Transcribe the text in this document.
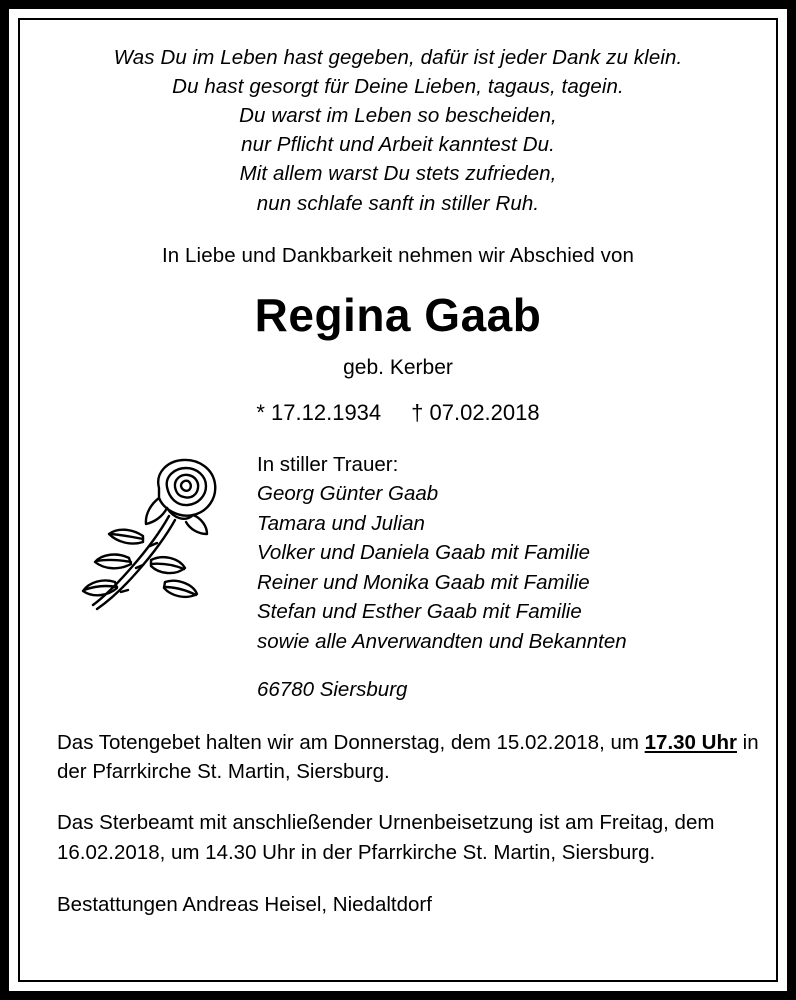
Was Du im Leben hast gegeben, dafür ist jeder Dank zu klein.
Du hast gesorgt für Deine Lieben, tagaus, tagein.
Du warst im Leben so bescheiden,
nur Pflicht und Arbeit kanntest Du.
Mit allem warst Du stets zufrieden,
nun schlafe sanft in stiller Ruh.
In Liebe und Dankbarkeit nehmen wir Abschied von
Regina Gaab
geb. Kerber
* 17.12.1934 † 07.02.2018
In stiller Trauer:
Georg Günter Gaab
Tamara und Julian
Volker und Daniela Gaab mit Familie
Reiner und Monika Gaab mit Familie
Stefan und Esther Gaab mit Familie
sowie alle Anverwandten und Bekannten
66780 Siersburg
Das Totengebet halten wir am Donnerstag, dem 15.02.2018, um 17.30 Uhr in der Pfarrkirche St. Martin, Siersburg.
Das Sterbeamt mit anschließender Urnenbeisetzung ist am Freitag, dem 16.02.2018, um 14.30 Uhr in der Pfarrkirche St. Martin, Siersburg.
Bestattungen Andreas Heisel, Niedaltdorf
